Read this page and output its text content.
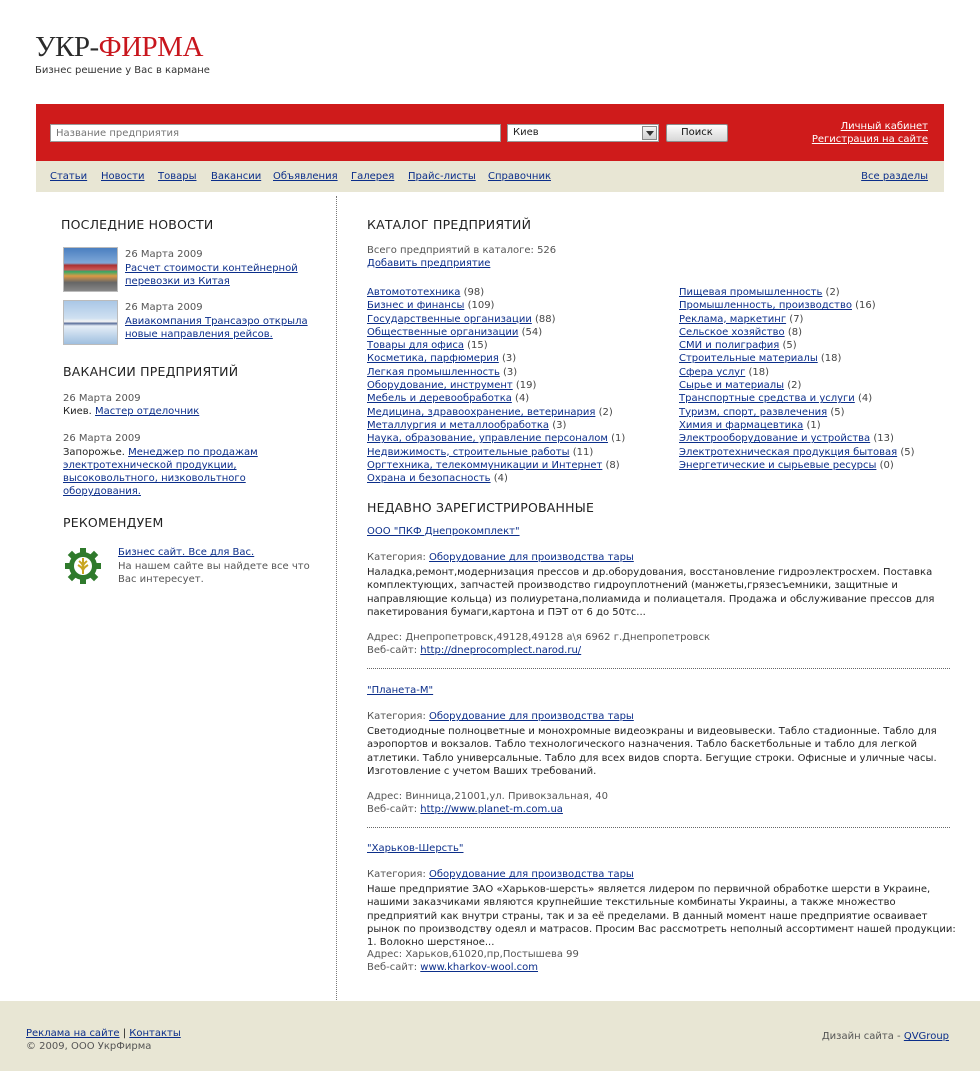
УКР-ФИРМА
Бизнес решение у Вас в кармане
Название предприятия
Киев	Поиск
Личный кабинет
Регистрация на сайте
Статьи Новости Товары Вакансии Объявления Галерея Прайс-листы Справочник	Все разделы
ПОСЛЕДНИЕ НОВОСТИ
26 Марта 2009
Расчет стоимости контейнерной перевозки из Китая
26 Марта 2009
Авиакомпания Трансаэро открыла новые направления рейсов.
ВАКАНСИИ ПРЕДПРИЯТИЙ
26 Марта 2009
Киев. Мастер отделочник
26 Марта 2009
Запорожье. Менеджер по продажам электротехнической продукции, высоковольтного, низковольтного оборудования.
РЕКОМЕНДУЕМ
Бизнес сайт. Все для Вас.
На нашем сайте вы найдете все что Вас интересует.
КАТАЛОГ ПРЕДПРИЯТИЙ
Всего предприятий в каталоге: 526
Добавить предприятие
Автомототехника (98)
Бизнес и финансы (109)
Государственные организации (88)
Общественные организации (54)
Товары для офиса (15)
Косметика, парфюмерия (3)
Легкая промышленность (3)
Оборудование, инструмент (19)
Мебель и деревообработка (4)
Медицина, здравоохранение, ветеринария (2)
Металлургия и металлообработка (3)
Наука, образование, управление персоналом (1)
Недвижимость, строительные работы (11)
Оргтехника, телекоммуникации и Интернет (8)
Охрана и безопасность (4)
Пищевая промышленность (2)
Промышленность, производство (16)
Реклама, маркетинг (7)
Сельское хозяйство (8)
СМИ и полиграфия (5)
Строительные материалы (18)
Сфера услуг (18)
Сырье и материалы (2)
Транспортные средства и услуги (4)
Туризм, спорт, развлечения (5)
Химия и фармацевтика (1)
Электрооборудование и устройства (13)
Электротехническая продукция бытовая (5)
Энергетические и сырьевые ресурсы (0)
НЕДАВНО ЗАРЕГИСТРИРОВАННЫЕ
ООО "ПКФ Днепрокомплект"
Категория: Оборудование для производства тары
Наладка,ремонт,модернизация прессов и др.оборудования, восстановление гидроэлектросхем. Поставка комплектующих, запчастей производство гидроуплотнений (манжеты,грязесъемники, защитные и направляющие кольца) из полиуретана,полиамида и полиацеталя. Продажа и обслуживание прессов для пакетирования бумаги,картона и ПЭТ от 6 до 50тс...
Адрес: Днепропетровск,49128,49128 а\я 6962 г.Днепропетровск
Веб-сайт: http://dneprocomplect.narod.ru/
"Планета-М"
Категория: Оборудование для производства тары
Светодиодные полноцветные и монохромные видеоэкраны и видеовывески. Табло стадионные. Табло для аэропортов и вокзалов. Табло технологического назначения. Табло баскетбольные и табло для легкой атлетики. Табло универсальные. Табло для всех видов спорта. Бегущие строки. Офисные и уличные часы. Изготовление с учетом Ваших требований.
Адрес: Винница,21001,ул. Привокзальная, 40
Веб-сайт: http://www.planet-m.com.ua
"Харьков-Шерсть"
Категория: Оборудование для производства тары
Наше предприятие ЗАО «Харьков-шерсть» является лидером по первичной обработке шерсти в Украине, нашими заказчиками являются крупнейшие текстильные комбинаты Украины, а также множество предприятий как внутри страны, так и за её пределами. В данный момент наше предприятие осваивает рынок по производству одеял и матрасов. Просим Вас рассмотреть неполный ассортимент нашей продукции: 1. Волокно шерстяное...
Адрес: Харьков,61020,пр,Постышева 99
Веб-сайт: www.kharkov-wool.com
Реклама на сайте | Контакты
© 2009, ООО УкрФирма
Дизайн сайта - QVGroup
